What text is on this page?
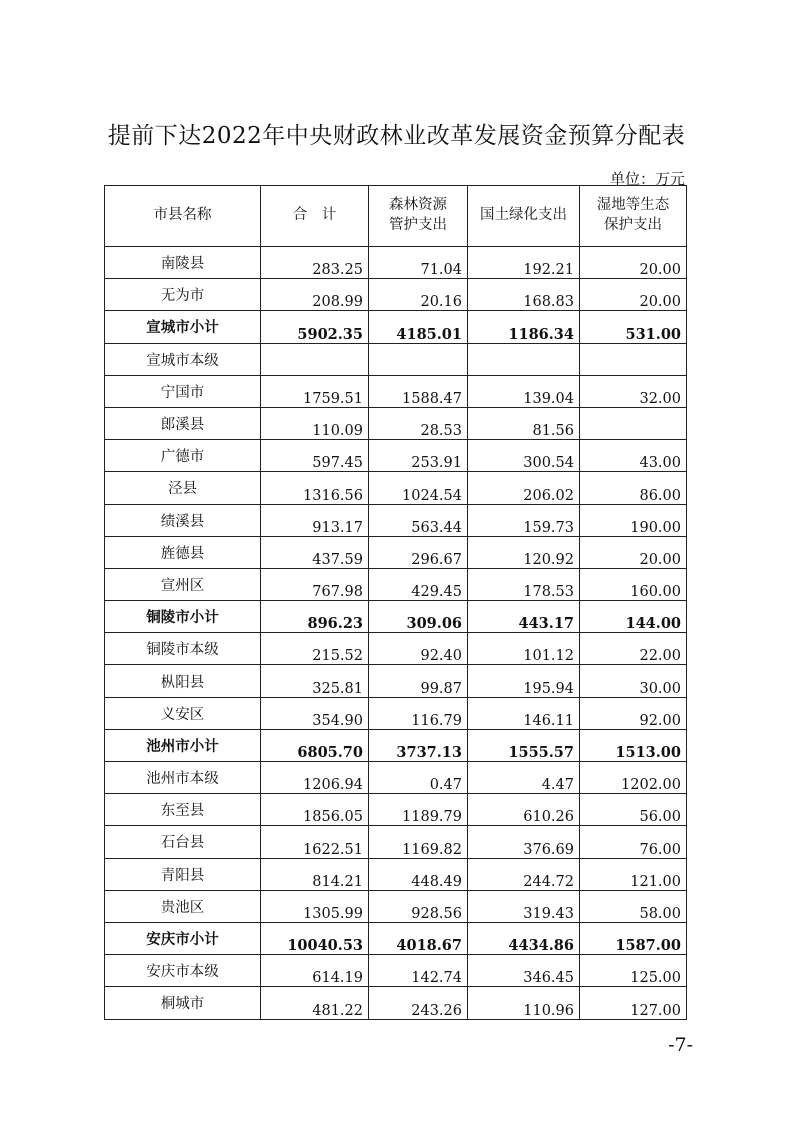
提前下达2022年中央财政林业改革发展资金预算分配表
单位：万元
市县名称	合　计	森林资源
管护支出	国土绿化支出	湿地等生态
保护支出
南陵县	283.25	71.04	192.21	20.00
无为市	208.99	20.16	168.83	20.00
宣城市小计	5902.35	4185.01	1186.34	531.00
宣城市本级				
宁国市	1759.51	1588.47	139.04	32.00
郎溪县	110.09	28.53	81.56	
广德市	597.45	253.91	300.54	43.00
泾县	1316.56	1024.54	206.02	86.00
绩溪县	913.17	563.44	159.73	190.00
旌德县	437.59	296.67	120.92	20.00
宣州区	767.98	429.45	178.53	160.00
铜陵市小计	896.23	309.06	443.17	144.00
铜陵市本级	215.52	92.40	101.12	22.00
枞阳县	325.81	99.87	195.94	30.00
义安区	354.90	116.79	146.11	92.00
池州市小计	6805.70	3737.13	1555.57	1513.00
池州市本级	1206.94	0.47	4.47	1202.00
东至县	1856.05	1189.79	610.26	56.00
石台县	1622.51	1169.82	376.69	76.00
青阳县	814.21	448.49	244.72	121.00
贵池区	1305.99	928.56	319.43	58.00
安庆市小计	10040.53	4018.67	4434.86	1587.00
安庆市本级	614.19	142.74	346.45	125.00
桐城市	481.22	243.26	110.96	127.00
-7-
